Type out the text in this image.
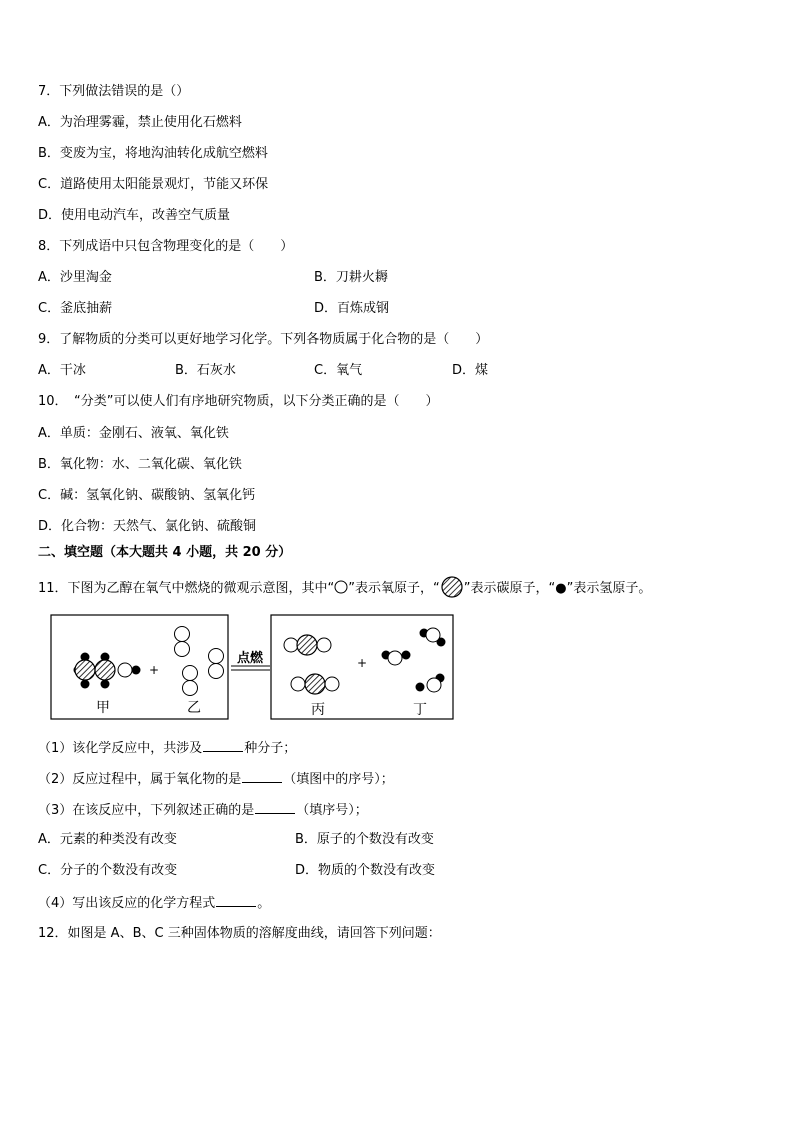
7．下列做法错误的是（）
A．为治理雾霾，禁止使用化石燃料
B．变废为宝，将地沟油转化成航空燃料
C．道路使用太阳能景观灯，节能又环保
D．使用电动汽车，改善空气质量
8．下列成语中只包含物理变化的是（　　）
A．沙里淘金	B．刀耕火耨
C．釜底抽薪	D．百炼成钢
9．了解物质的分类可以更好地学习化学。下列各物质属于化合物的是（　　）
A．干冰	B．石灰水	C．氧气	D．煤
10．　“分类”可以使人们有序地研究物质，以下分类正确的是（　　）
A．单质：金刚石、液氧、氧化铁
B．氧化物：水、二氧化碳、氧化铁
C．碱：氢氧化钠、碳酸钠、氢氧化钙
D．化合物：天然气、氯化钠、硫酸铜
二、填空题（本大题共 4 小题，共 20 分）
11．下图为乙醇在氧气中燃烧的微观示意图，其中“ ”表示氧原子，“ ”表示碳原子，“●”表示氢原子。
+
甲	乙
点燃	+
丙	丁
（1）该化学反应中，共涉及	种分子；
（2）反应过程中，属于氧化物的是	（填图中的序号）；
（3）在该反应中，下列叙述正确的是	（填序号）；
A．元素的种类没有改变	B．原子的个数没有改变
C．分子的个数没有改变	D．物质的个数没有改变
（4）写出该反应的化学方程式	。
12．如图是 A、B、C 三种固体物质的溶解度曲线，请回答下列问题：
